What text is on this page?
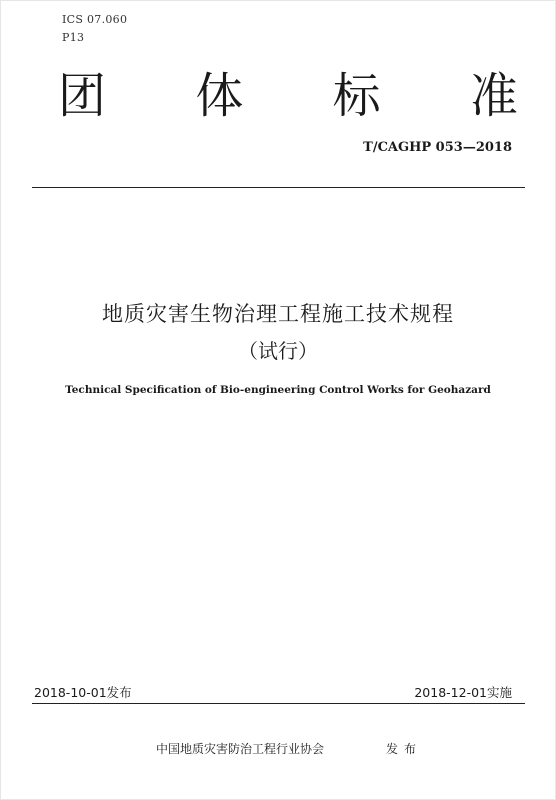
ICS 07.060
P13
团 体 标 准
T/CAGHP 053—2018
地质灾害生物治理工程施工技术规程
（试行）
Technical Specification of Bio-engineering Control Works for Geohazard
2018-10-01发布	2018-12-01实施
中国地质灾害防治工程行业协会	发布
